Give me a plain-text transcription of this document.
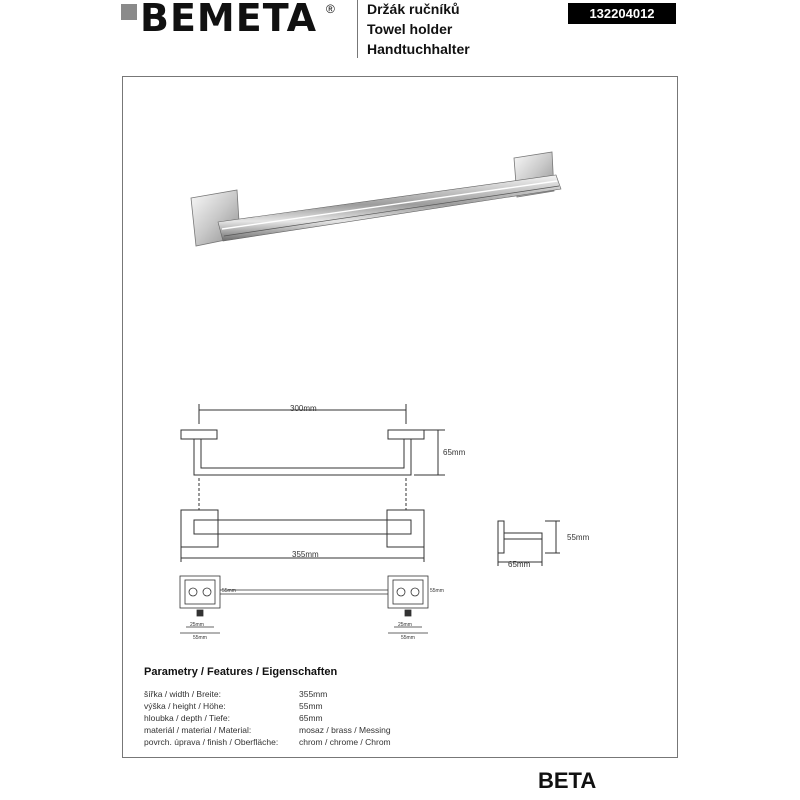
BEMETA ® Držák ručníků
Towel holder
Handtuchhalter
132204012
300mm
65mm
355mm
55mm
65mm
55mm	55mm
25mm
55mm
25mm
55mm
Parametry / Features / Eigenschaften
šířka / width / Breite:	355mm
výška / height / Höhe:	55mm
hloubka / depth / Tiefe:	65mm
materiál / material / Material:	mosaz / brass / Messing
povrch. úprava / finish / Oberfläche: chrom / chrome / Chrom
BETA
